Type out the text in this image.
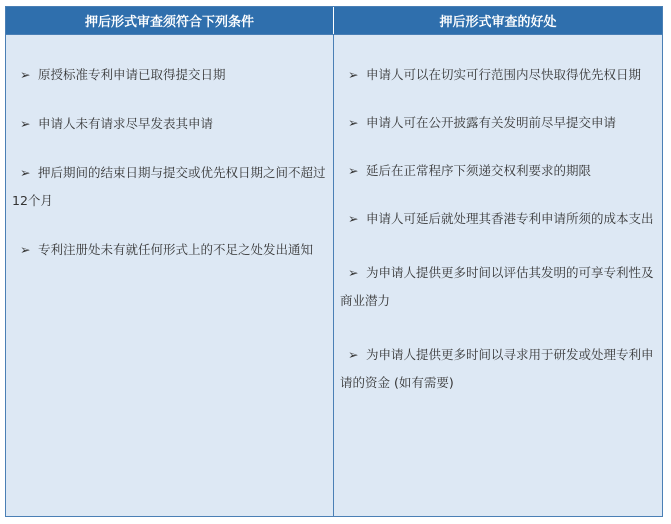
押后形式审查须符合下列条件	押后形式审查的好处
➢ 原授标准专利申请已取得提交日期
➢ 申请人未有请求尽早发表其申请
➢ 押后期间的结束日期与提交或优先权日期之间不超过12个月
➢ 专利注册处未有就任何形式上的不足之处发出通知
➢ 申请人可以在切实可行范围内尽快取得优先权日期
➢ 申请人可在公开披露有关发明前尽早提交申请
➢ 延后在正常程序下须递交权利要求的期限
➢ 申请人可延后就处理其香港专利申请所须的成本支出
➢ 为申请人提供更多时间以评估其发明的可享专利性及商业潜力
➢ 为申请人提供更多时间以寻求用于研发或处理专利申请的资金 (如有需要)
